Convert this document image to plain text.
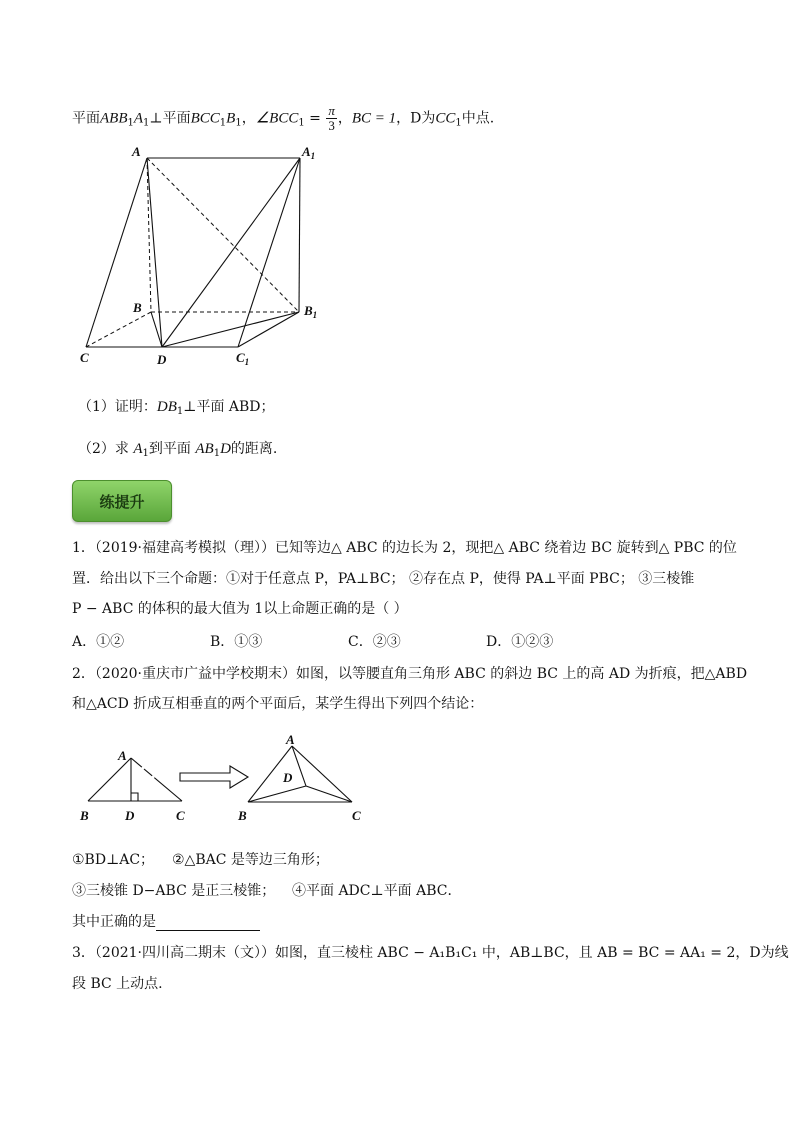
平面$ABB_1A_1\perp$平面$BCC_1B_1$，$\angle BCC_1 = \frac{\pi}{3}$ ，BC = 1，D为$CC_1$中点.
A	$A_1$
B	$B_1$
C	D	$C_1$
（1）证明：$DB_1\perp$平面 ABD；
（2）求 $A_1$到平面 $AB_1D$的距离.
练提升
1．（2019·福建高考模拟（理））已知等边△ ABC 的边长为 2，现把△ ABC 绕着边 BC 旋转到△ PBC 的位
置．给出以下三个命题：①对于任意点 P，PA⊥BC； ②存在点 P，使得 PA⊥平面 PBC； ③三棱锥
P − ABC 的体积的最大值为 1以上命题正确的是（ ）
A．①②	B．①③	C．②③	D．①②③
2．（2020·重庆市广益中学校期末）如图，以等腰直角三角形 ABC 的斜边 BC 上的高 AD 为折痕，把△ABD
和△ACD 折成互相垂直的两个平面后，某学生得出下列四个结论：
A
B	D	C
A
D
B	C
①BD⊥AC； ②△BAC 是等边三角形；
③三棱锥 D−ABC 是正三棱锥； ④平面 ADC⊥平面 ABC．
其中正确的是
3．（2021·四川高二期末（文））如图，直三棱柱 ABC − A₁B₁C₁ 中，AB⊥BC，且 AB = BC = AA₁ = 2，D为线
段 BC 上动点.
